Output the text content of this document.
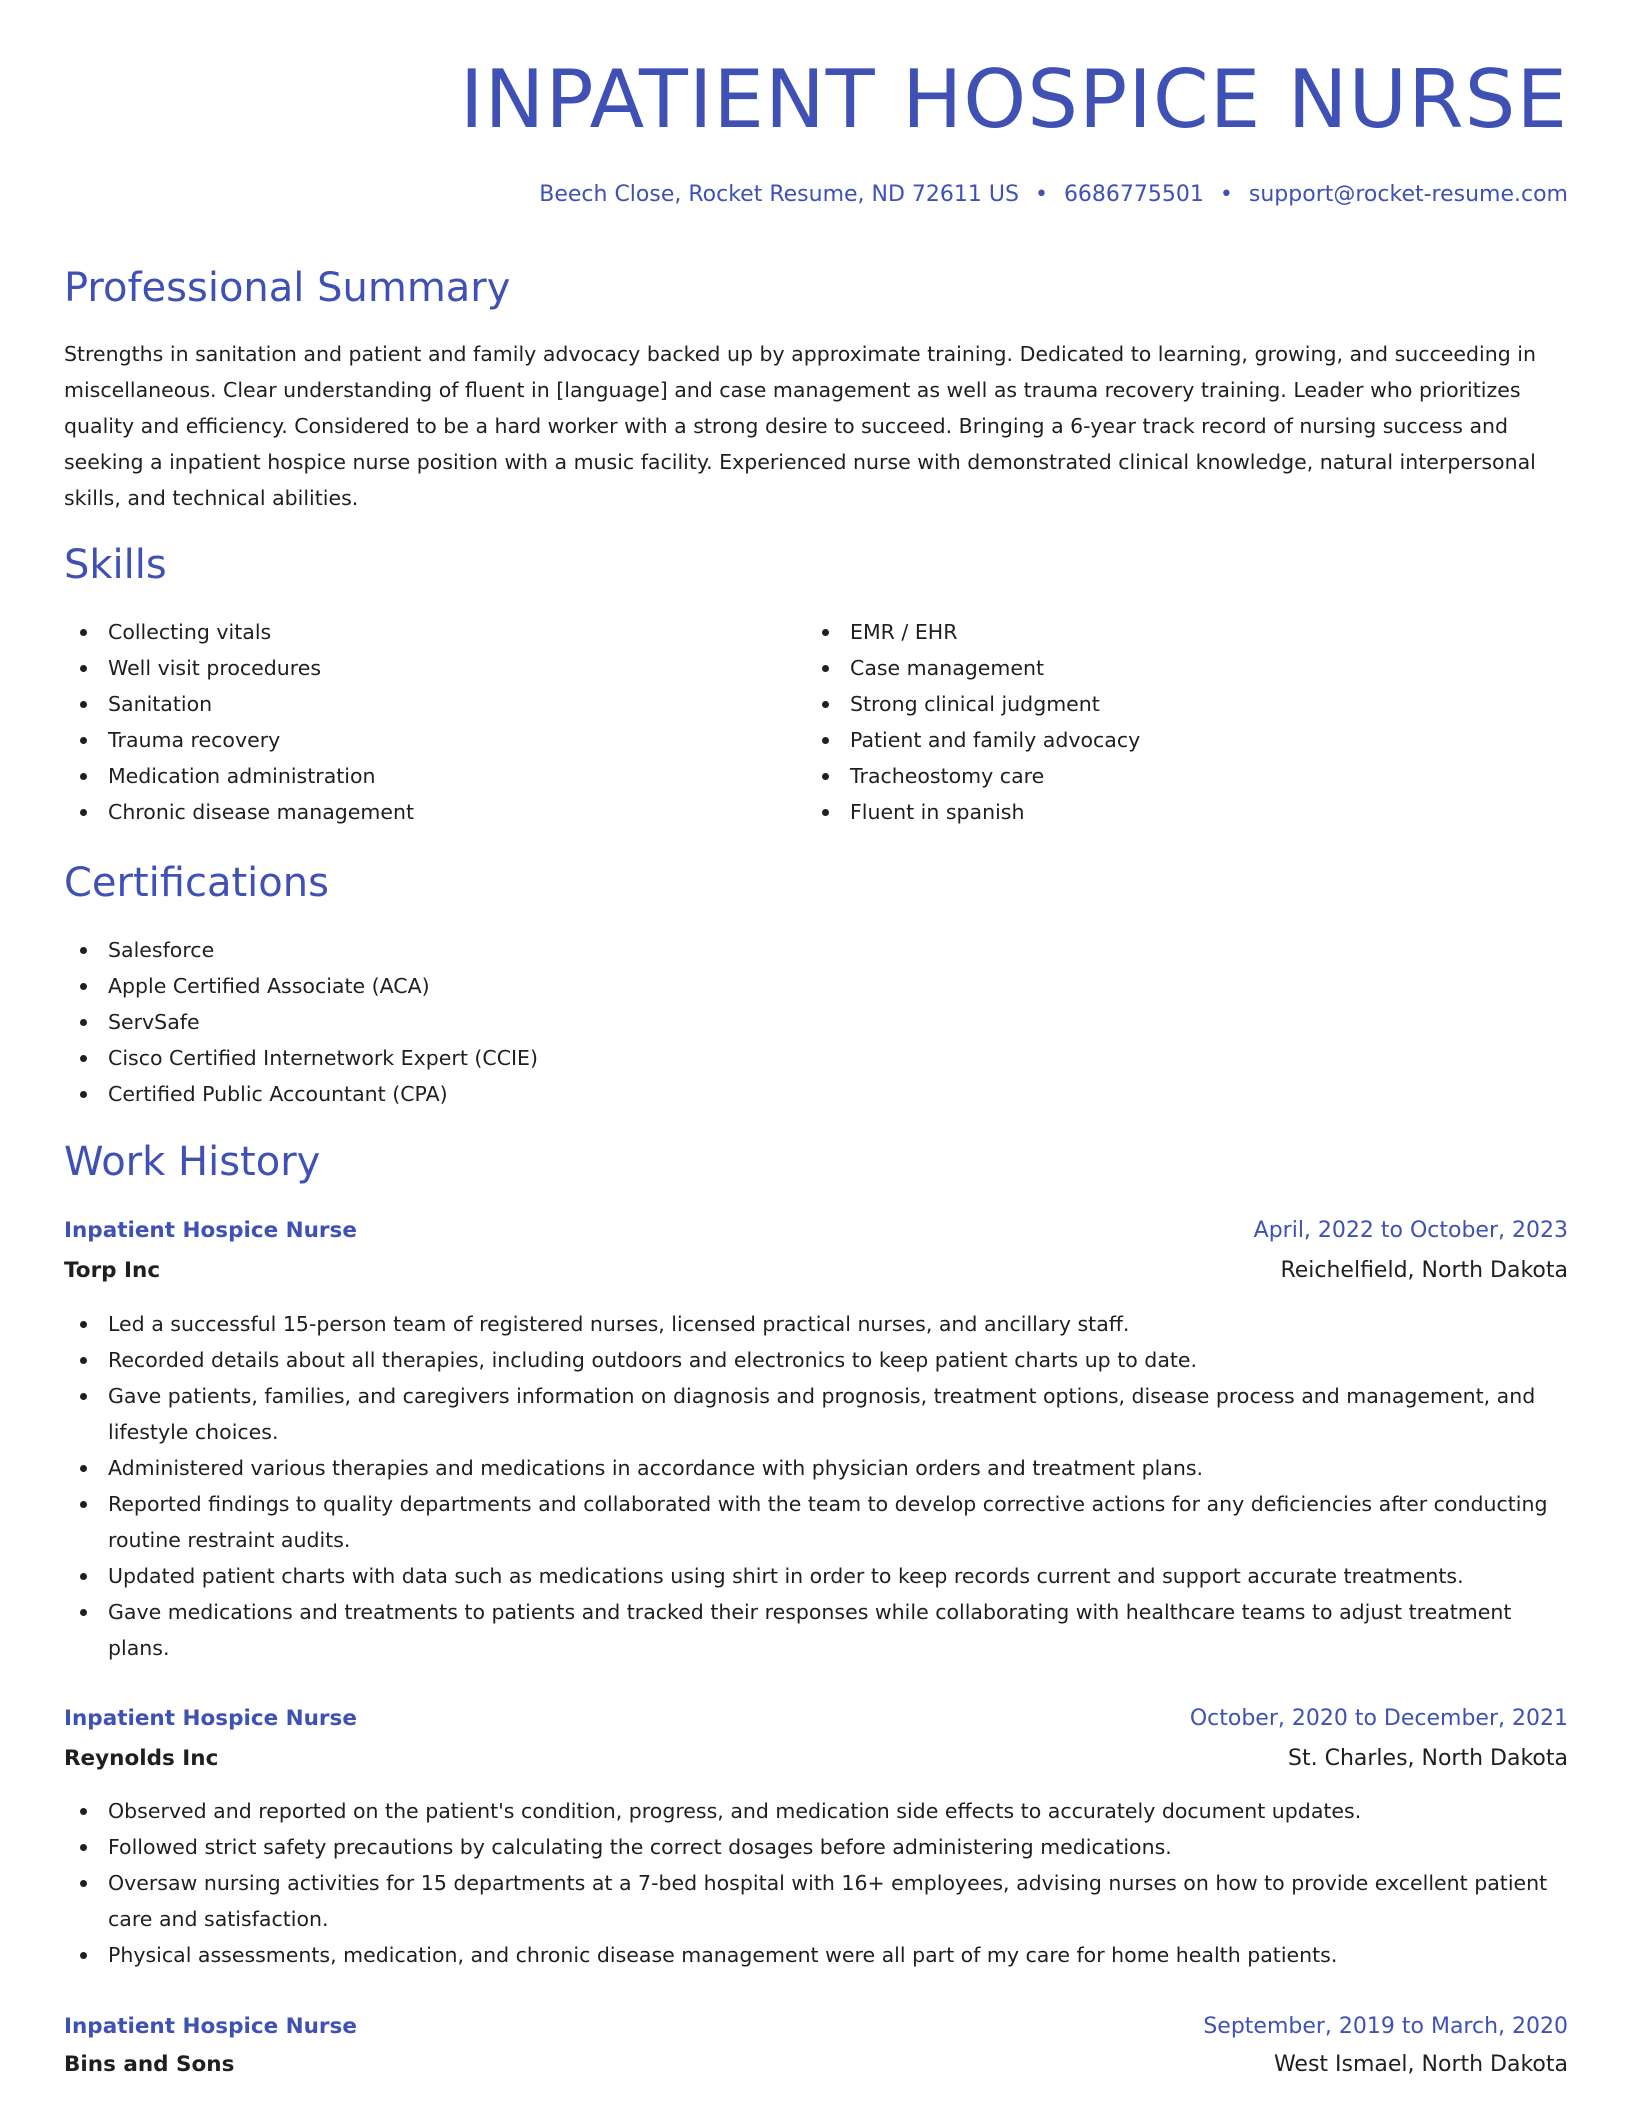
INPATIENT HOSPICE NURSE
Beech Close, Rocket Resume, ND 72611 US • 6686775501 • support@rocket-resume.com
Professional Summary

Strengths in sanitation and patient and family advocacy backed up by approximate training. Dedicated to learning, growing, and succeeding in miscellaneous. Clear understanding of fluent in [language] and case management as well as trauma recovery training. Leader who prioritizes quality and efficiency. Considered to be a hard worker with a strong desire to succeed. Bringing a 6-year track record of nursing success and seeking a inpatient hospice nurse position with a music facility. Experienced nurse with demonstrated clinical knowledge, natural interpersonal skills, and technical abilities.

Skills
Collecting vitals
Well visit procedures
Sanitation
Trauma recovery
Medication administration
Chronic disease management
EMR / EHR
Case management
Strong clinical judgment
Patient and family advocacy
Tracheostomy care
Fluent in spanish
Certifications
Salesforce
Apple Certified Associate (ACA)
ServSafe
Cisco Certified Internetwork Expert (CCIE)
Certified Public Accountant (CPA)
Work History
Inpatient Hospice Nurse	April, 2022 to October, 2023
Torp Inc	Reichelfield, North Dakota
Led a successful 15-person team of registered nurses, licensed practical nurses, and ancillary staff.
Recorded details about all therapies, including outdoors and electronics to keep patient charts up to date.
Gave patients, families, and caregivers information on diagnosis and prognosis, treatment options, disease process and management, and lifestyle choices.
Administered various therapies and medications in accordance with physician orders and treatment plans.
Reported findings to quality departments and collaborated with the team to develop corrective actions for any deficiencies after conducting routine restraint audits.
Updated patient charts with data such as medications using shirt in order to keep records current and support accurate treatments.
Gave medications and treatments to patients and tracked their responses while collaborating with healthcare teams to adjust treatment plans.
Inpatient Hospice Nurse	October, 2020 to December, 2021
Reynolds Inc	St. Charles, North Dakota
Observed and reported on the patient's condition, progress, and medication side effects to accurately document updates.
Followed strict safety precautions by calculating the correct dosages before administering medications.
Oversaw nursing activities for 15 departments at a 7-bed hospital with 16+ employees, advising nurses on how to provide excellent patient care and satisfaction.
Physical assessments, medication, and chronic disease management were all part of my care for home health patients.
Inpatient Hospice Nurse	September, 2019 to March, 2020
Bins and Sons	West Ismael, North Dakota
